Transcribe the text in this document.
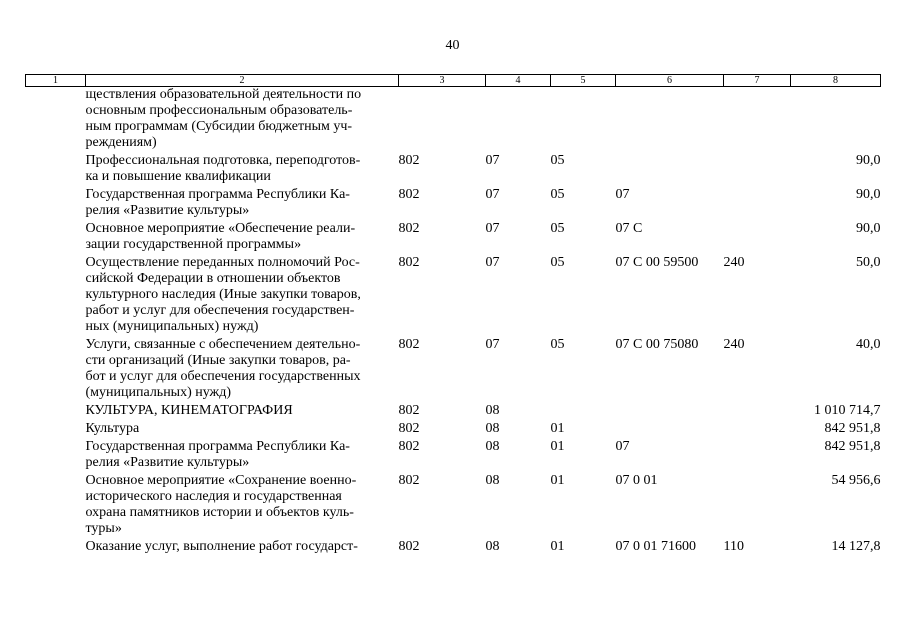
40
1	2	3	4	5	6	7	8

	ществления образовательной деятельности по
основным профессиональным образователь-
ным программам (Субсидии бюджетным уч-
реждениям)						

	Профессиональная подготовка, переподготов-
ка и повышение квалификации	802	07	05			90,0

	Государственная программа Республики Ка-
релия «Развитие культуры»	802	07	05	07		90,0

	Основное мероприятие «Обеспечение реали-
зации государственной программы»	802	07	05	07 С		90,0

	Осуществление переданных полномочий Рос-
сийской Федерации в отношении объектов
культурного наследия (Иные закупки товаров,
работ и услуг для обеспечения государствен-
ных (муниципальных) нужд)	802	07	05	07 С 00 59500	240	50,0

	Услуги, связанные с обеспечением деятельно-
сти организаций (Иные закупки товаров, ра-
бот и услуг для обеспечения государственных
(муниципальных) нужд)	802	07	05	07 С 00 75080	240	40,0

	КУЛЬТУРА, КИНЕМАТОГРАФИЯ	802	08				1 010 714,7

	Культура	802	08	01			842 951,8

	Государственная программа Республики Ка-
релия «Развитие культуры»	802	08	01	07		842 951,8

	Основное мероприятие «Сохранение военно-
исторического наследия и государственная
охрана памятников истории и объектов куль-
туры»	802	08	01	07 0 01		54 956,6

	Оказание услуг, выполнение работ государст-	802	08	01	07 0 01 71600	110	14 127,8
